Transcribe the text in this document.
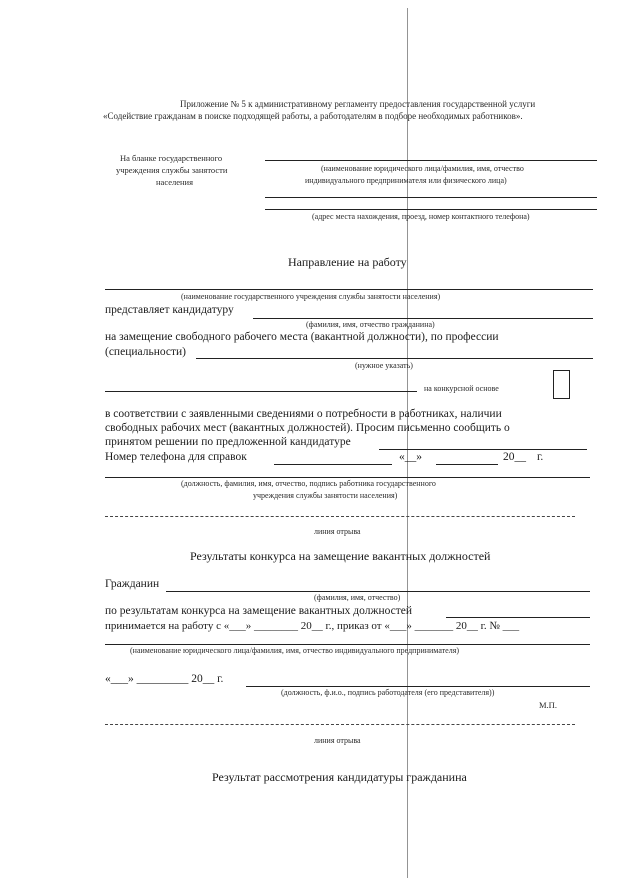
Приложение № 5 к административному регламенту предоставления государственной услуги
«Содействие гражданам в поиске подходящей работы, а работодателям в подборе необходимых работников».
На бланке государственного
учреждения службы занятости
населения
(наименование юридического лица/фамилия, имя, отчество
индивидуального предпринимателя или физического лица)
(адрес места нахождения, проезд, номер контактного телефона)
Направление на работу
(наименование государственного учреждения службы занятости населения)
представляет кандидатуру
(фамилия, имя, отчество гражданина)
на замещение свободного рабочего места (вакантной должности), по профессии
(специальности)
(нужное указать)
на конкурсной основе
в соответствии с заявленными сведениями о потребности в работниках, наличии
свободных рабочих мест (вакантных должностей). Просим письменно сообщить о
принятом решении по предложенной кандидатуре
Номер телефона для справок	«__»	20__ г.
(должность, фамилия, имя, отчество, подпись работника государственного
учреждения службы занятости населения)
линия отрыва
Результаты конкурса на замещение вакантных должностей
Гражданин
(фамилия, имя, отчество)
по результатам конкурса на замещение вакантных должностей
принимается на работу с «___» ________ 20__ г., приказ от «___» _______ 20__ г. № ___
(наименование юридического лица/фамилия, имя, отчество индивидуального предпринимателя)
«___» _________ 20__ г.
(должность, ф.и.о., подпись работодателя (его представителя))
М.П.
линия отрыва
Результат рассмотрения кандидатуры гражданина
